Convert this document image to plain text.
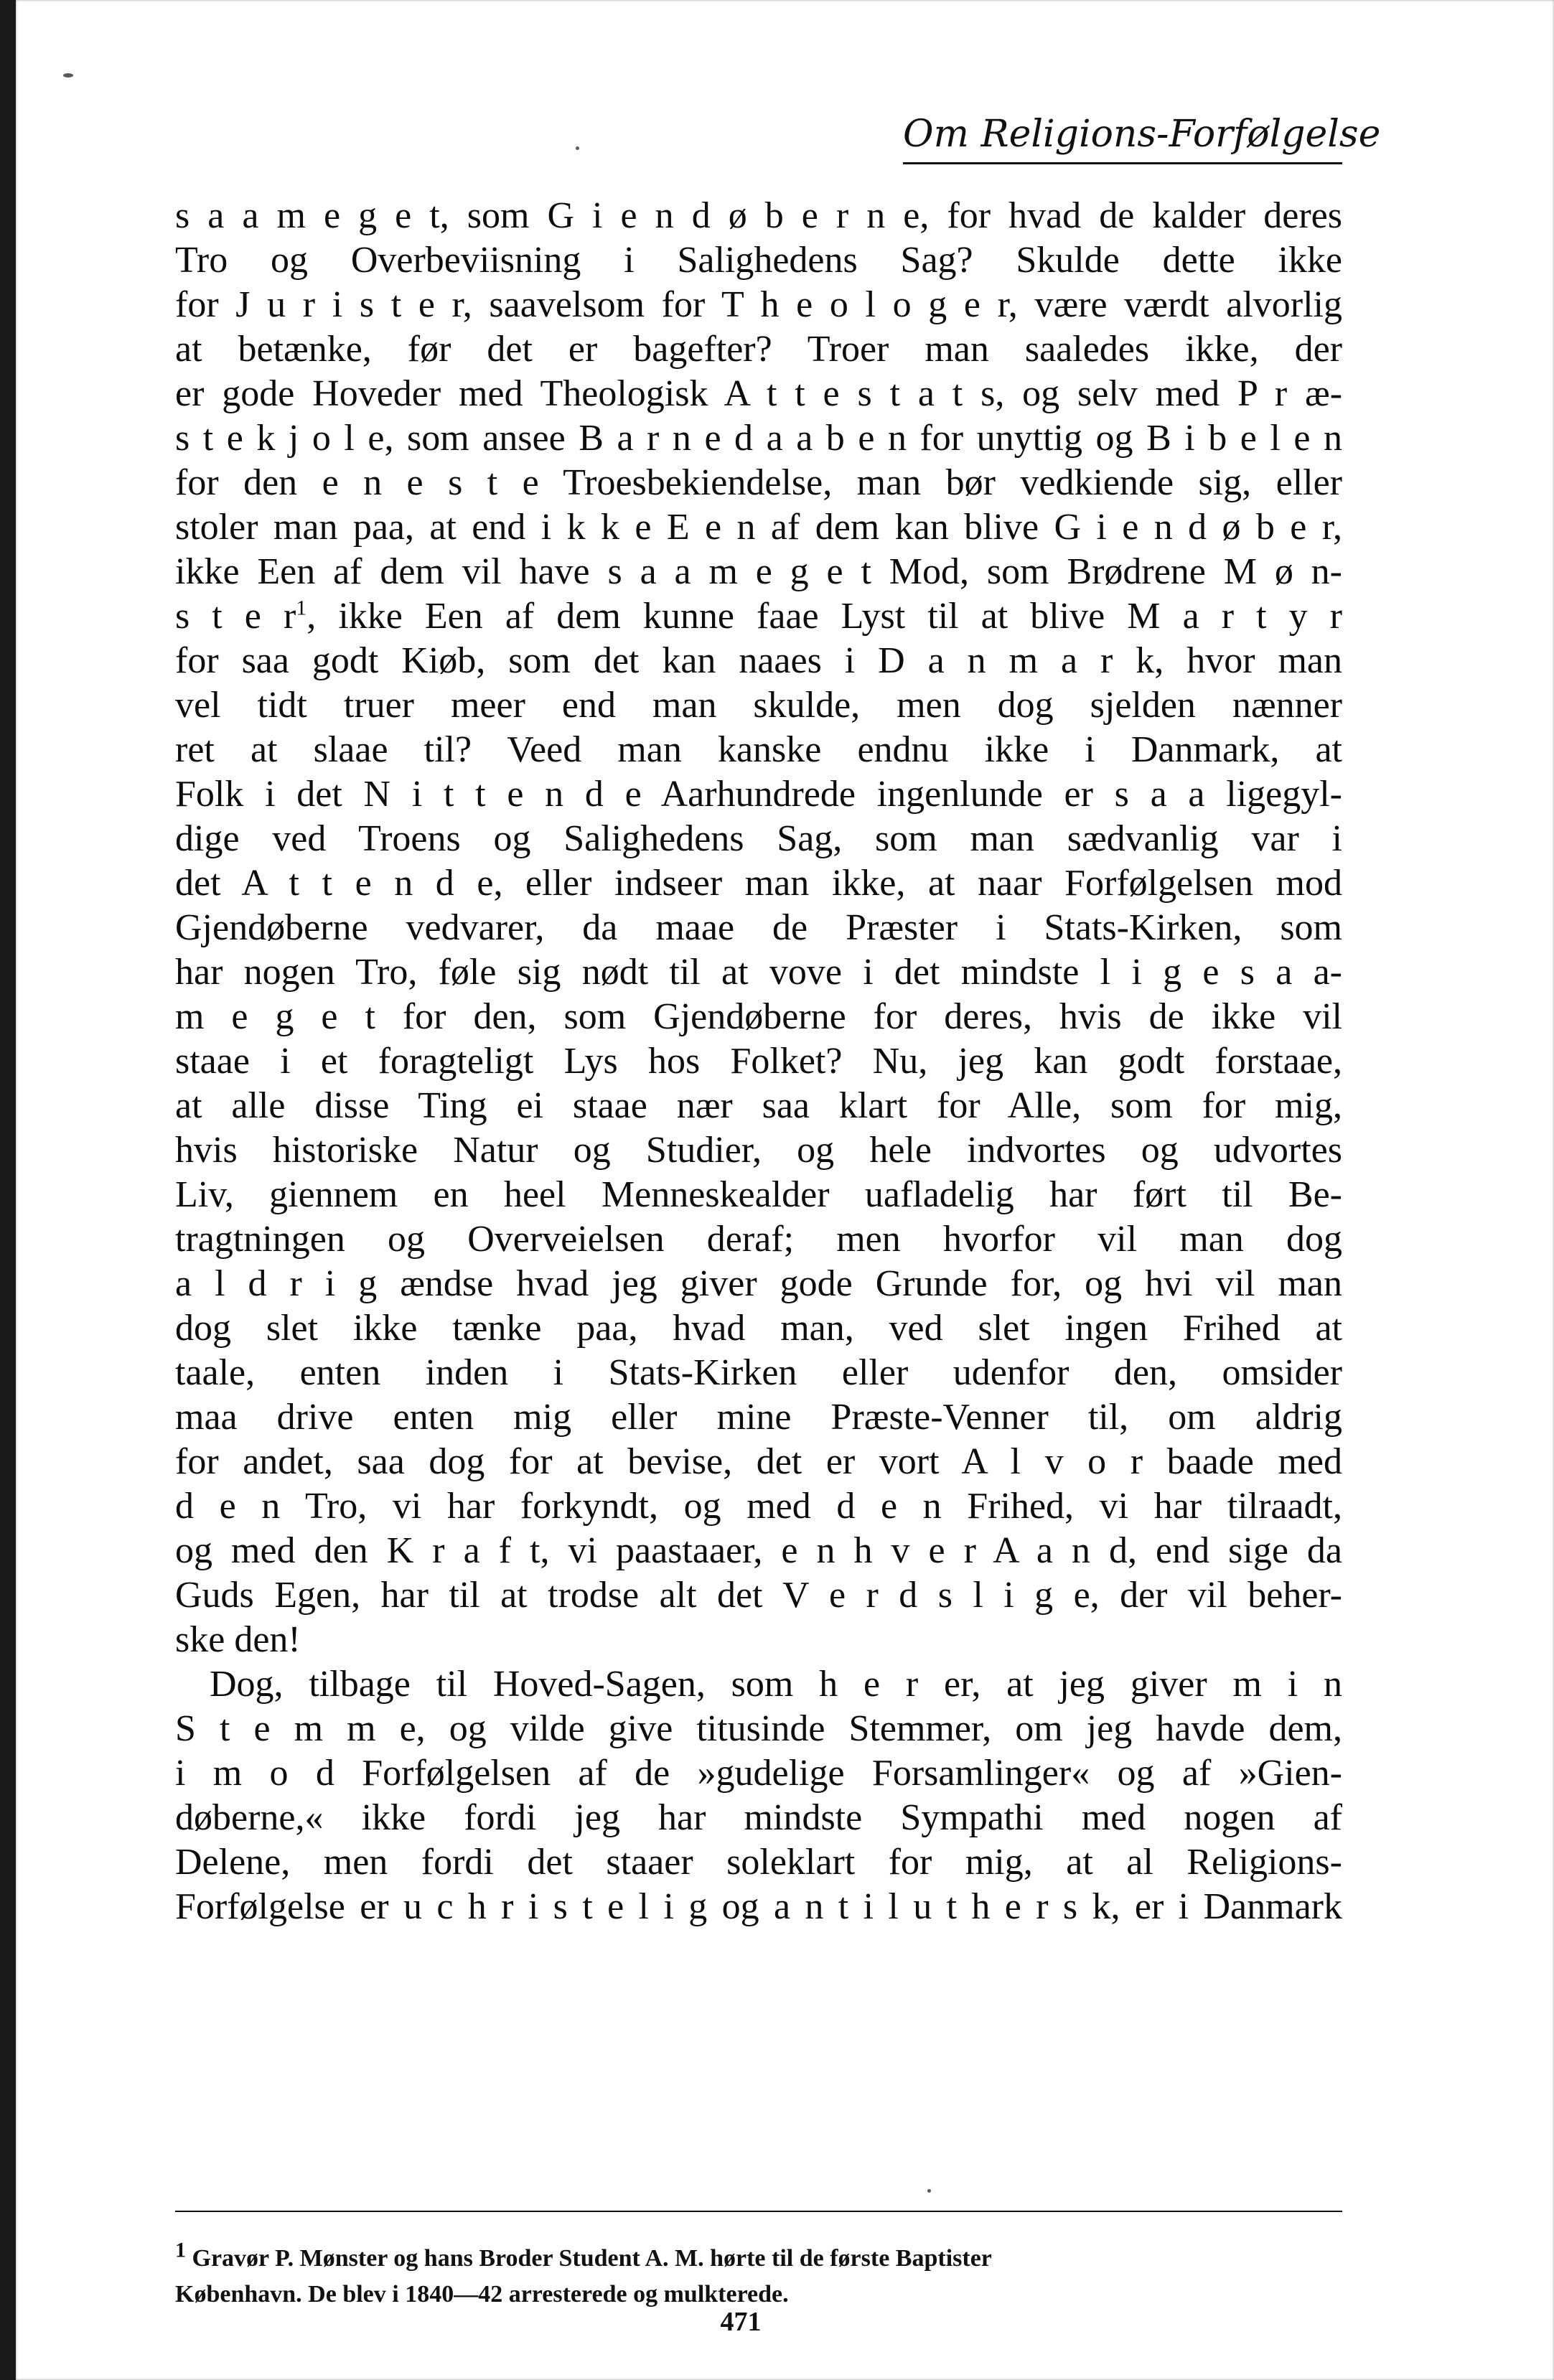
Om Religions-Forfølgelse
s a a m e g e t, som G i e n d ø b e r n e, for hvad de kalder deres
Tro og Overbeviisning i Salighedens Sag? Skulde dette ikke
for J u r i s t e r, saavelsom for T h e o l o g e r, være værdt alvorlig
at betænke, før det er bagefter? Troer man saaledes ikke, der
er gode Hoveder med Theologisk A t t e s t a t s, og selv med P r æ-
s t e k j o l e, som ansee B a r n e d a a b e n for unyttig og B i b e l e n
for den e n e s t e Troesbekiendelse, man bør vedkiende sig, eller
stoler man paa, at end i k k e E e n af dem kan blive G i e n d ø b e r,
ikke Een af dem vil have s a a m e g e t Mod, som Brødrene M ø n-
s t e $r^1$, ikke Een af dem kunne faae Lyst til at blive M a r t y r
for saa godt Kiøb, som det kan naaes i D a n m a r k, hvor man
vel tidt truer meer end man skulde, men dog sjelden nænner
ret at slaae til? Veed man kanske endnu ikke i Danmark, at
Folk i det N i t t e n d e Aarhundrede ingenlunde er s a a ligegyl-
dige ved Troens og Salighedens Sag, som man sædvanlig var i
det A t t e n d e, eller indseer man ikke, at naar Forfølgelsen mod
Gjendøberne vedvarer, da maae de Præster i Stats-Kirken, som
har nogen Tro, føle sig nødt til at vove i det mindste l i g e s a a-
m e g e t for den, som Gjendøberne for deres, hvis de ikke vil
staae i et foragteligt Lys hos Folket? Nu, jeg kan godt forstaae,
at alle disse Ting ei staae nær saa klart for Alle, som for mig,
hvis historiske Natur og Studier, og hele indvortes og udvortes
Liv, giennem en heel Menneskealder uafladelig har ført til Be-
tragtningen og Overveielsen deraf; men hvorfor vil man dog
a l d r i g ændse hvad jeg giver gode Grunde for, og hvi vil man
dog slet ikke tænke paa, hvad man, ved slet ingen Frihed at
taale, enten inden i Stats-Kirken eller udenfor den, omsider
maa drive enten mig eller mine Præste-Venner til, om aldrig
for andet, saa dog for at bevise, det er vort A l v o r baade med
d e n Tro, vi har forkyndt, og med d e n Frihed, vi har tilraadt,
og med den K r a f t, vi paastaaer, e n h v e r A a n d, end sige da
Guds Egen, har til at trodse alt det V e r d s l i g e, der vil beher-
ske den!
Dog, tilbage til Hoved-Sagen, som h e r er, at jeg giver m i n
S t e m m e, og vilde give titusinde Stemmer, om jeg havde dem,
i m o d Forfølgelsen af de »gudelige Forsamlinger« og af »Gien-
døberne,« ikke fordi jeg har mindste Sympathi med nogen af
Delene, men fordi det staaer soleklart for mig, at al Religions-
Forfølgelse er u c h r i s t e l i g og a n t i l u t h e r s k, er i Danmark
$^1$ Gravør P. Mønster og hans Broder Student A. M. hørte til de første Baptister
København. De blev i 1840—42 arresterede og mulkterede.
471
